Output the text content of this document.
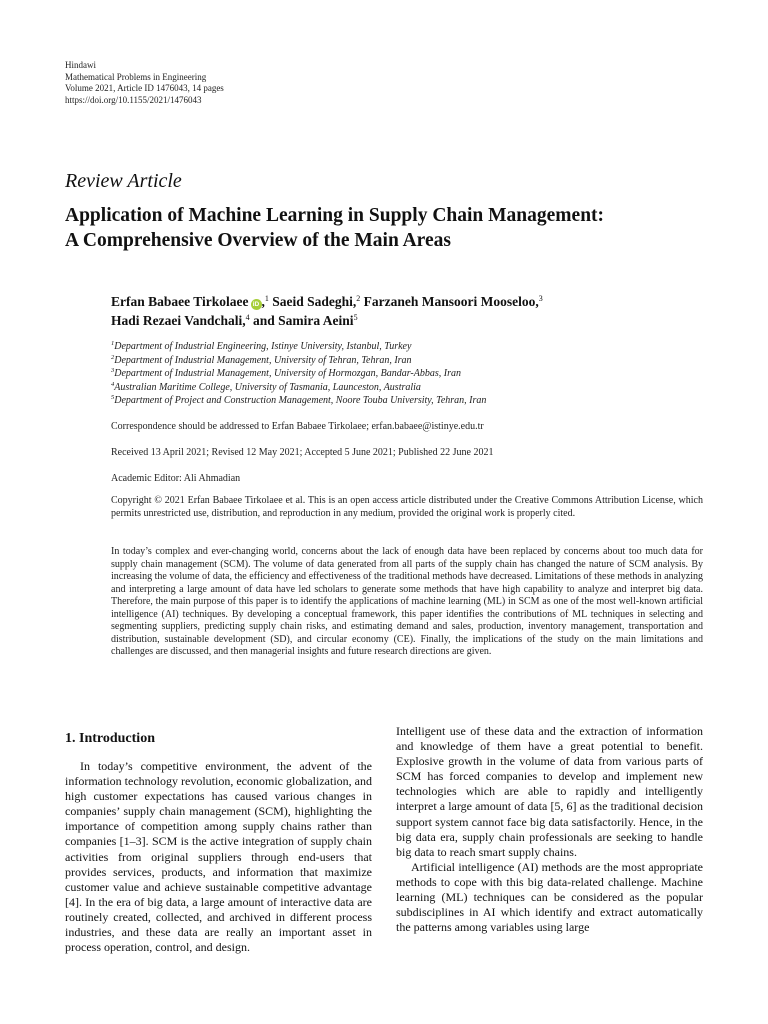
Hindawi
Mathematical Problems in Engineering
Volume 2021, Article ID 1476043, 14 pages
https://doi.org/10.1155/2021/1476043
Review Article
Application of Machine Learning in Supply Chain Management:
A Comprehensive Overview of the Main Areas
Erfan Babaee Tirkolaee iD ,$^1$ Saeid Sadeghi,$^2$ Farzaneh Mansoori Mooseloo,$^3$
Hadi Rezaei Vandchali,$^4$ and Samira Aeini$^5$
$^1$Department of Industrial Engineering, Istinye University, Istanbul, Turkey
$^2$Department of Industrial Management, University of Tehran, Tehran, Iran
$^3$Department of Industrial Management, University of Hormozgan, Bandar-Abbas, Iran
$^4$Australian Maritime College, University of Tasmania, Launceston, Australia
$^5$Department of Project and Construction Management, Noore Touba University, Tehran, Iran
Correspondence should be addressed to Erfan Babaee Tirkolaee; erfan.babaee@istinye.edu.tr
Received 13 April 2021; Revised 12 May 2021; Accepted 5 June 2021; Published 22 June 2021
Academic Editor: Ali Ahmadian
Copyright © 2021 Erfan Babaee Tirkolaee et al. This is an open access article distributed under the Creative Commons Attribution License, which permits unrestricted use, distribution, and reproduction in any medium, provided the original work is properly cited.
In today’s complex and ever-changing world, concerns about the lack of enough data have been replaced by concerns about too much data for supply chain management (SCM). The volume of data generated from all parts of the supply chain has changed the nature of SCM analysis. By increasing the volume of data, the efficiency and effectiveness of the traditional methods have decreased. Limitations of these methods in analyzing and interpreting a large amount of data have led scholars to generate some methods that have high capability to analyze and interpret big data. Therefore, the main purpose of this paper is to identify the applications of machine learning (ML) in SCM as one of the most well-known artificial intelligence (AI) techniques. By developing a conceptual framework, this paper identifies the contributions of ML techniques in selecting and segmenting suppliers, predicting supply chain risks, and estimating demand and sales, production, inventory management, transportation and distribution, sustainable development (SD), and circular economy (CE). Finally, the implications of the study on the main limitations and challenges are discussed, and then managerial insights and future research directions are given.
1. Introduction

In today’s competitive environment, the advent of the information technology revolution, economic globalization, and high customer expectations has caused various changes in companies’ supply chain management (SCM), highlighting the importance of competition among supply chains rather than companies [1–3]. SCM is the active integration of supply chain activities from original suppliers through end-users that provides services, products, and information that maximize customer value and achieve sustainable competitive advantage [4]. In the era of big data, a large amount of interactive data are routinely created, collected, and archived in different process industries, and these data are really an important asset in process operation, control, and design.

Intelligent use of these data and the extraction of information and knowledge of them have a great potential to benefit. Explosive growth in the volume of data from various parts of SCM has forced companies to develop and implement new technologies which are able to rapidly and intelligently interpret a large amount of data [5, 6] as the traditional decision support system cannot face big data satisfactorily. Hence, in the big data era, supply chain professionals are seeking to handle big data to reach smart supply chains.

Artificial intelligence (AI) methods are the most appropriate methods to cope with this big data-related challenge. Machine learning (ML) techniques can be considered as the popular subdisciplines in AI which identify and extract automatically the patterns among variables using large
